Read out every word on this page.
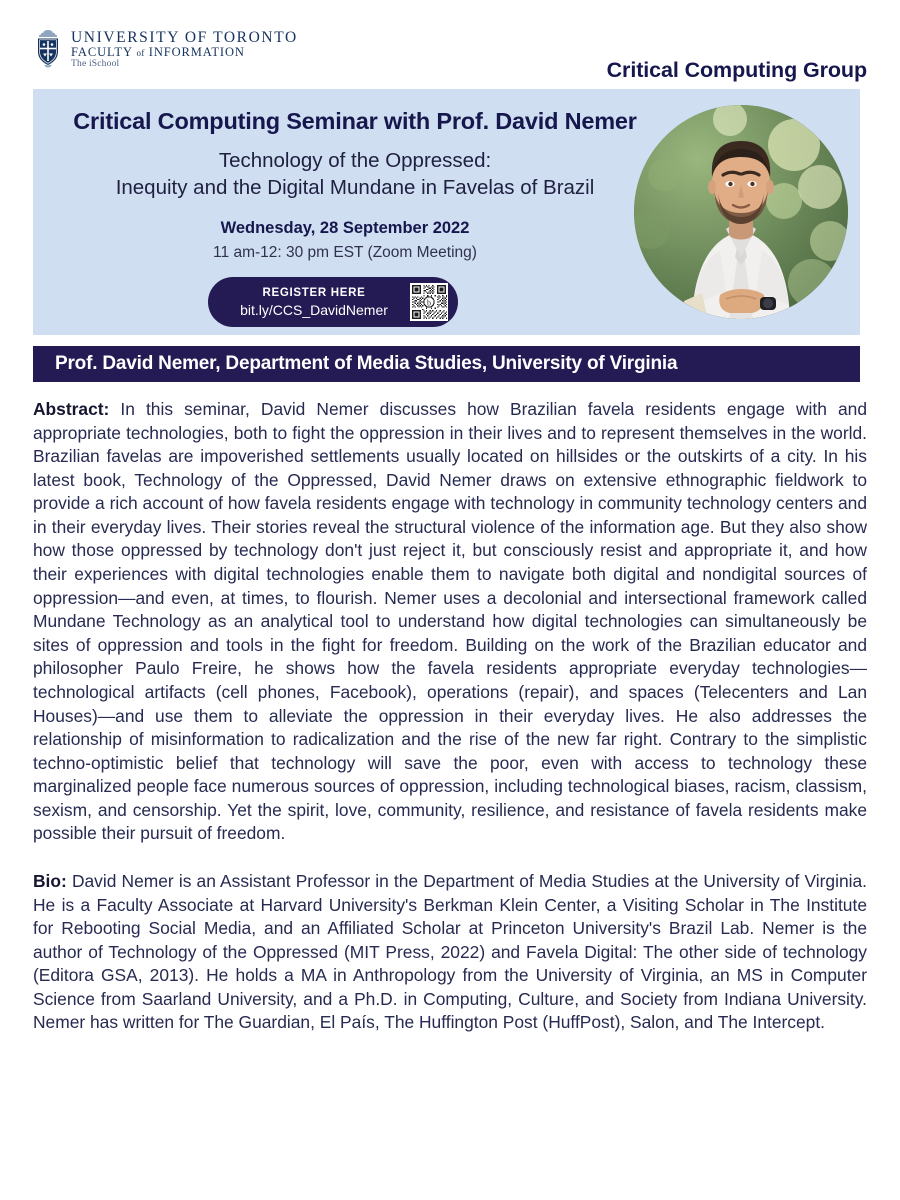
UNIVERSITY OF TORONTO
FACULTY of INFORMATION
The iSchool	Critical Computing Group
Critical Computing Seminar with Prof. David Nemer
Technology of the Oppressed:
Inequity and the Digital Mundane in Favelas of Brazil
Wednesday, 28 September 2022
11 am-12: 30 pm EST (Zoom Meeting)
REGISTER HERE
bit.ly/CCS_DavidNemer	b
Prof. David Nemer, Department of Media Studies, University of Virginia

Abstract: In this seminar, David Nemer discusses how Brazilian favela residents engage with and appropriate technologies, both to fight the oppression in their lives and to represent themselves in the world. Brazilian favelas are impoverished settlements usually located on hillsides or the outskirts of a city. In his latest book, Technology of the Oppressed, David Nemer draws on extensive ethnographic fieldwork to provide a rich account of how favela residents engage with technology in community technology centers and in their everyday lives. Their stories reveal the structural violence of the information age. But they also show how those oppressed by technology don't just reject it, but consciously resist and appropriate it, and how their experiences with digital technologies enable them to navigate both digital and nondigital sources of oppression—and even, at times, to flourish. Nemer uses a decolonial and intersectional framework called Mundane Technology as an analytical tool to understand how digital technologies can simultaneously be sites of oppression and tools in the fight for freedom. Building on the work of the Brazilian educator and philosopher Paulo Freire, he shows how the favela residents appropriate everyday technologies—technological artifacts (cell phones, Facebook), operations (repair), and spaces (Telecenters and Lan Houses)—and use them to alleviate the oppression in their everyday lives. He also addresses the relationship of misinformation to radicalization and the rise of the new far right. Contrary to the simplistic techno-optimistic belief that technology will save the poor, even with access to technology these marginalized people face numerous sources of oppression, including technological biases, racism, classism, sexism, and censorship. Yet the spirit, love, community, resilience, and resistance of favela residents make possible their pursuit of freedom.

Bio: David Nemer is an Assistant Professor in the Department of Media Studies at the University of Virginia. He is a Faculty Associate at Harvard University's Berkman Klein Center, a Visiting Scholar in The Institute for Rebooting Social Media, and an Affiliated Scholar at Princeton University's Brazil Lab. Nemer is the author of Technology of the Oppressed (MIT Press, 2022) and Favela Digital: The other side of technology (Editora GSA, 2013). He holds a MA in Anthropology from the University of Virginia, an MS in Computer Science from Saarland University, and a Ph.D. in Computing, Culture, and Society from Indiana University. Nemer has written for The Guardian, El País, The Huffington Post (HuffPost), Salon, and The Intercept.
